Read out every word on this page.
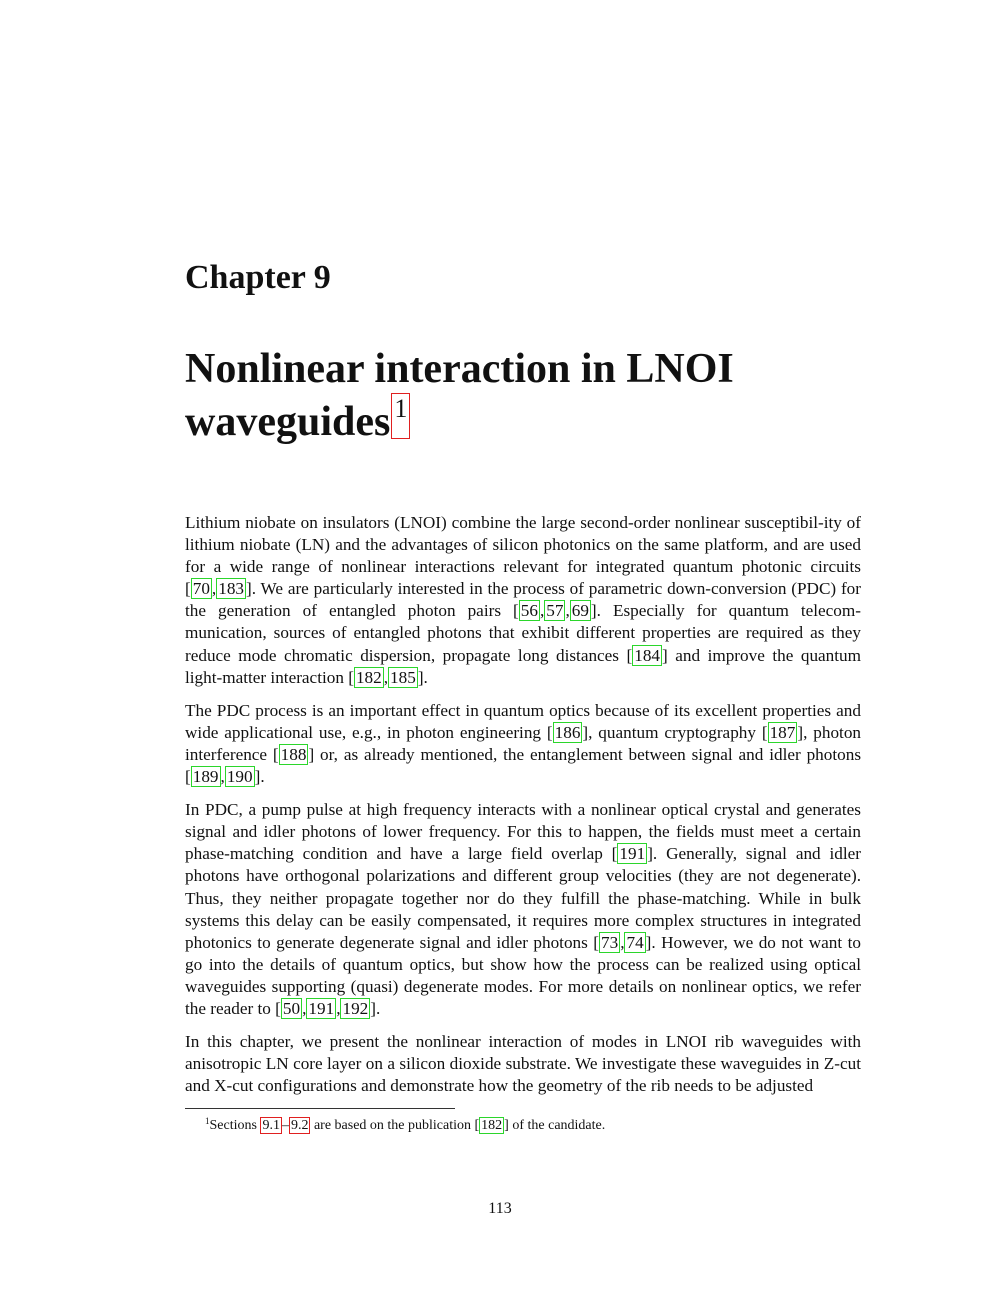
Chapter 9
Nonlinear interaction in LNOI
waveguides 1

Lithium niobate on insulators (LNOI) combine the large second-order nonlinear susceptibil-ity of lithium niobate (LN) and the advantages of silicon photonics on the same platform, and are used for a wide range of nonlinear interactions relevant for integrated quantum photonic circuits [ 70 , 183 ]. We are particularly interested in the process of parametric down-conversion (PDC) for the generation of entangled photon pairs [ 56 , 57 , 69 ]. Especially for quantum telecom-munication, sources of entangled photons that exhibit different properties are required as they reduce mode chromatic dispersion, propagate long distances [ 184 ] and improve the quantum light-matter interaction [ 182 , 185 ].

The PDC process is an important effect in quantum optics because of its excellent properties and wide applicational use, e.g., in photon engineering [ 186 ], quantum cryptography [ 187 ], photon interference [ 188 ] or, as already mentioned, the entanglement between signal and idler photons [ 189 , 190 ].

In PDC, a pump pulse at high frequency interacts with a nonlinear optical crystal and generates signal and idler photons of lower frequency. For this to happen, the fields must meet a certain phase-matching condition and have a large field overlap [ 191 ]. Generally, signal and idler photons have orthogonal polarizations and different group velocities (they are not degenerate). Thus, they neither propagate together nor do they fulfill the phase-matching. While in bulk systems this delay can be easily compensated, it requires more complex structures in integrated photonics to generate degenerate signal and idler photons [ 73 , 74 ]. However, we do not want to go into the details of quantum optics, but show how the process can be realized using optical waveguides supporting (quasi) degenerate modes. For more details on nonlinear optics, we refer the reader to [ 50 , 191 , 192 ].

In this chapter, we present the nonlinear interaction of modes in LNOI rib waveguides with anisotropic LN core layer on a silicon dioxide substrate. We investigate these waveguides in Z-cut and X-cut configurations and demonstrate how the geometry of the rib needs to be adjusted

$^1$Sections 9.1 – 9.2 are based on the publication [ 182 ] of the candidate.
113
